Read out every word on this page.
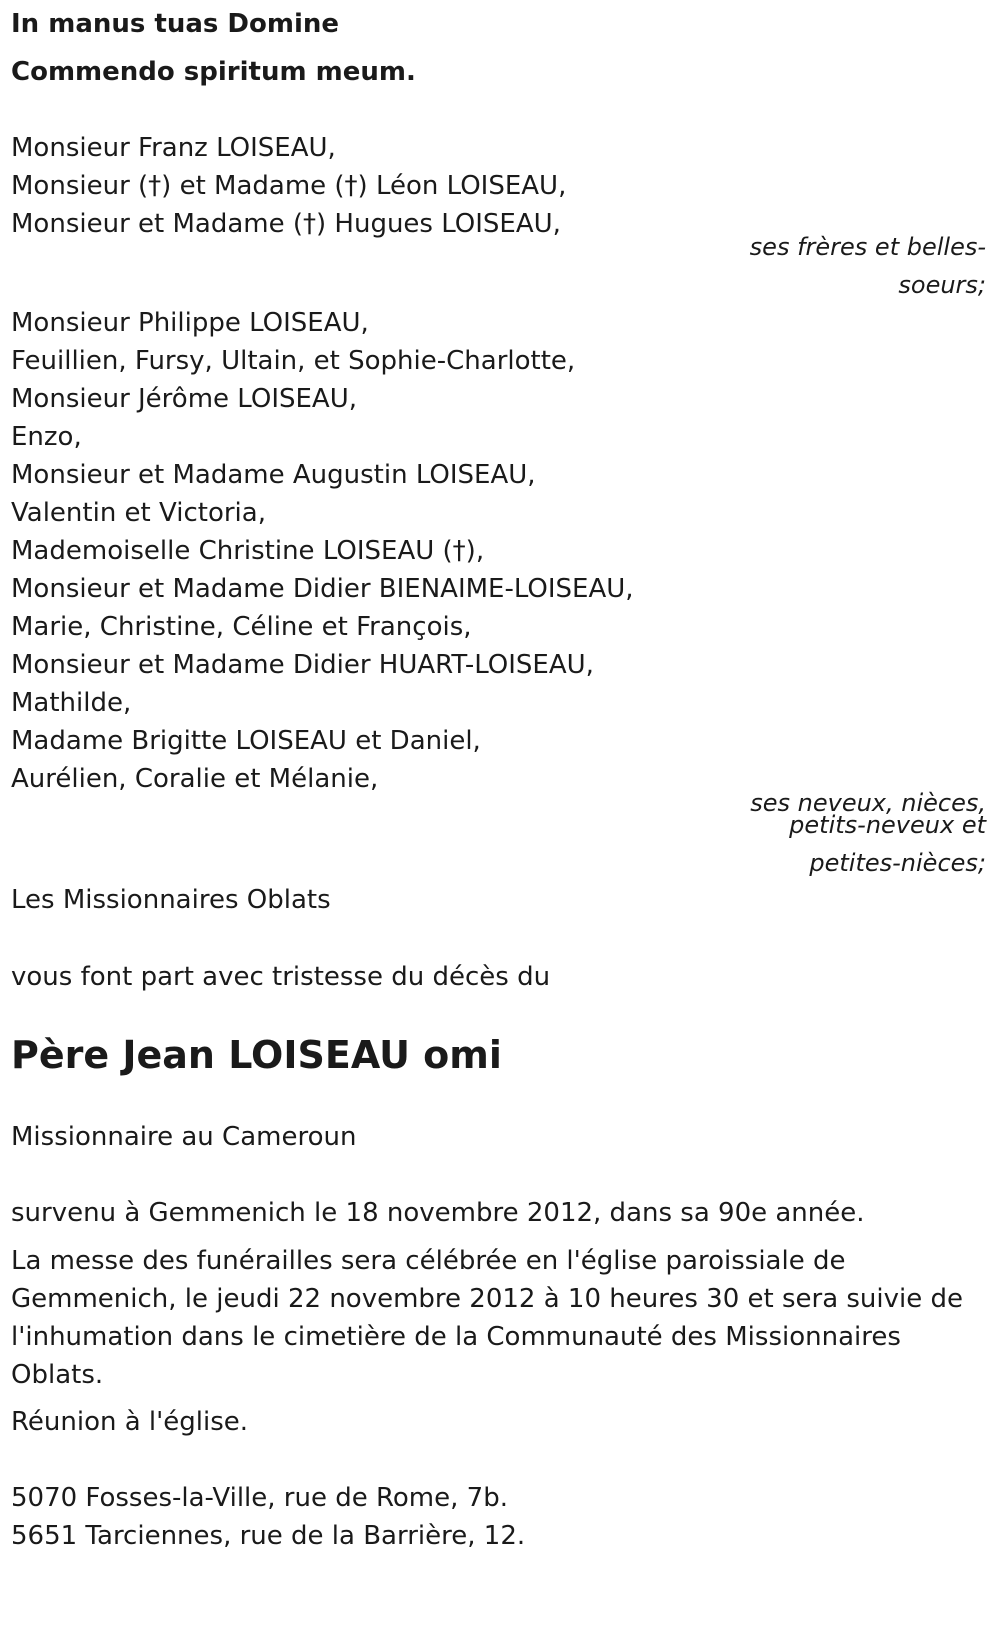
In manus tuas Domine
Commendo spiritum meum.
Monsieur Franz LOISEAU,
Monsieur (†) et Madame (†) Léon LOISEAU,
Monsieur et Madame (†) Hugues LOISEAU,
ses frères et belles-
soeurs;
Monsieur Philippe LOISEAU,
Feuillien, Fursy, Ultain, et Sophie-Charlotte,
Monsieur Jérôme LOISEAU,
Enzo,
Monsieur et Madame Augustin LOISEAU,
Valentin et Victoria,
Mademoiselle Christine LOISEAU (†),
Monsieur et Madame Didier BIENAIME-LOISEAU,
Marie, Christine, Céline et François,
Monsieur et Madame Didier HUART-LOISEAU,
Mathilde,
Madame Brigitte LOISEAU et Daniel,
Aurélien, Coralie et Mélanie,
ses neveux, nièces,
petits-neveux et
petites-nièces;
Les Missionnaires Oblats
vous font part avec tristesse du décès du
Père Jean LOISEAU omi
Missionnaire au Cameroun
survenu à Gemmenich le 18 novembre 2012, dans sa 90e année.
La messe des funérailles sera célébrée en l'église paroissiale de
Gemmenich, le jeudi 22 novembre 2012 à 10 heures 30 et sera suivie de
l'inhumation dans le cimetière de la Communauté des Missionnaires
Oblats.
Réunion à l'église.
5070 Fosses-la-Ville, rue de Rome, 7b.
5651 Tarciennes, rue de la Barrière, 12.
